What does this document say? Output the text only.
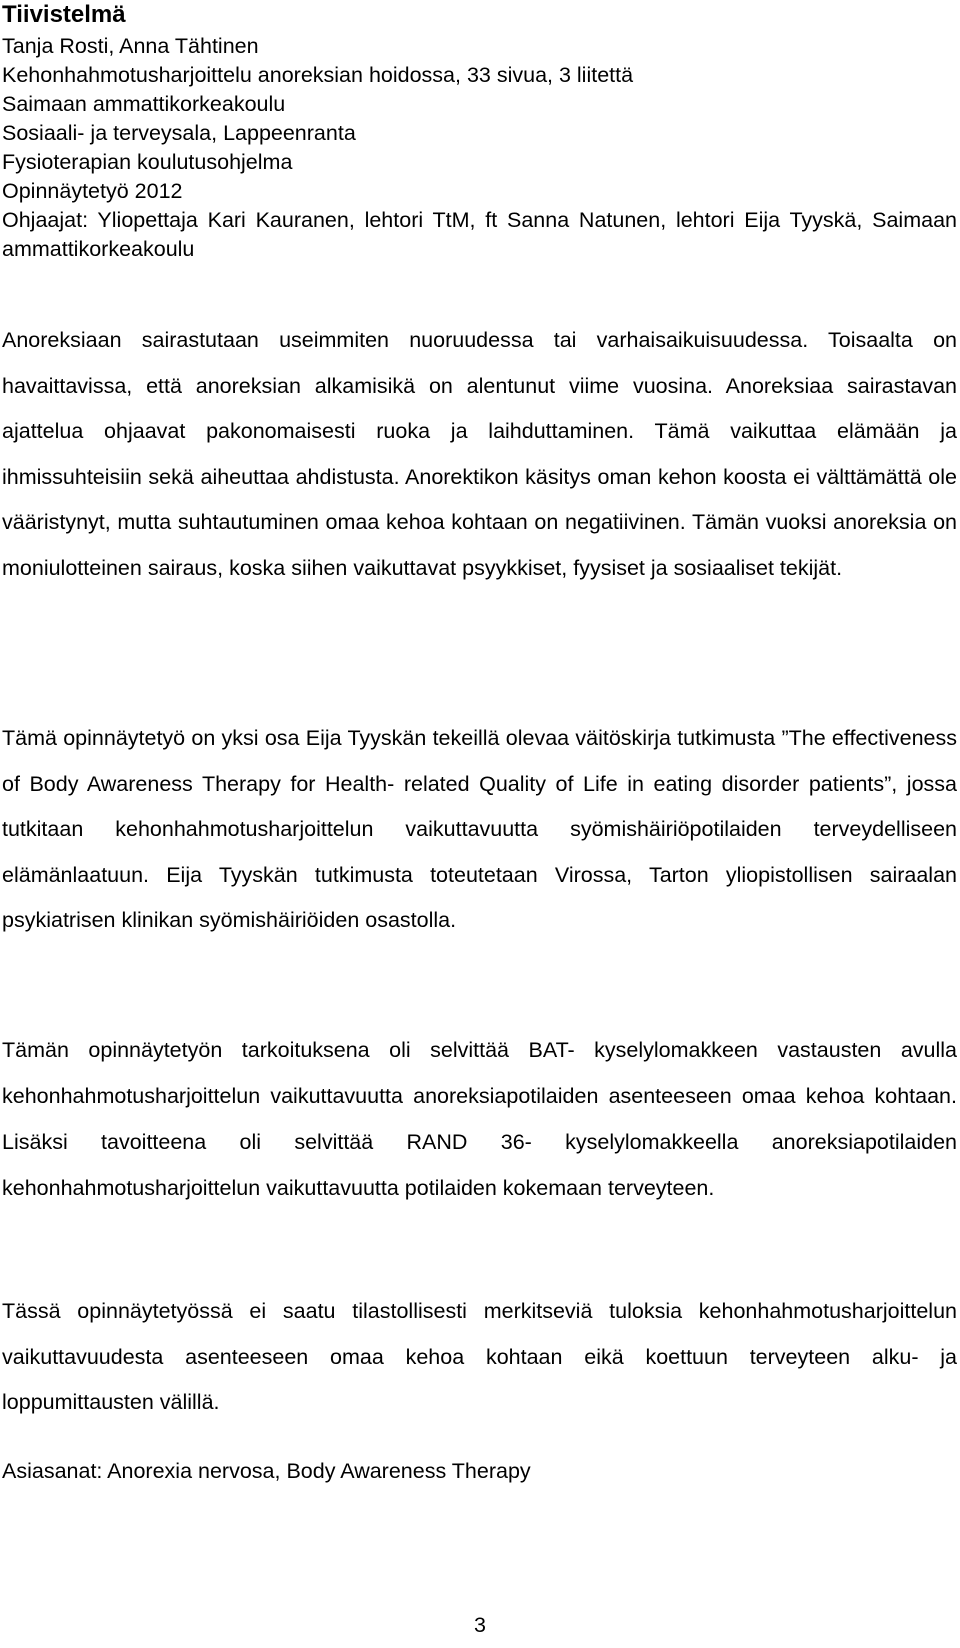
Tiivistelmä
Tanja Rosti, Anna Tähtinen
Kehonhahmotusharjoittelu anoreksian hoidossa, 33 sivua, 3 liitettä
Saimaan ammattikorkeakoulu
Sosiaali- ja terveysala, Lappeenranta
Fysioterapian koulutusohjelma
Opinnäytetyö 2012
Ohjaajat: Yliopettaja Kari Kauranen, lehtori TtM, ft Sanna Natunen, lehtori Eija Tyyskä, Saimaan ammattikorkeakoulu

Anoreksiaan sairastutaan useimmiten nuoruudessa tai varhaisaikuisuudessa. Toisaalta on havaittavissa, että anoreksian alkamisikä on alentunut viime vuosina. Anoreksiaa sairastavan ajattelua ohjaavat pakonomaisesti ruoka ja laihduttaminen. Tämä vaikuttaa elämään ja ihmissuhteisiin sekä aiheuttaa ahdistusta. Anorektikon käsitys oman kehon koosta ei välttämättä ole vääristynyt, mutta suhtautuminen omaa kehoa kohtaan on negatiivinen. Tämän vuoksi anoreksia on moniulotteinen sairaus, koska siihen vaikuttavat psyykkiset, fyysiset ja sosiaaliset tekijät.

Tämä opinnäytetyö on yksi osa Eija Tyyskän tekeillä olevaa väitöskirja tutkimusta ”The effectiveness of Body Awareness Therapy for Health- related Quality of Life in eating disorder patients”, jossa tutkitaan kehonhahmotusharjoittelun vaikuttavuutta syömishäiriöpotilaiden terveydelliseen elämänlaatuun. Eija Tyyskän tutkimusta toteutetaan Virossa, Tarton yliopistollisen sairaalan psykiatrisen klinikan syömishäiriöiden osastolla.

Tämän opinnäytetyön tarkoituksena oli selvittää BAT- kyselylomakkeen vastausten avulla kehonhahmotusharjoittelun vaikuttavuutta anoreksiapotilaiden asenteeseen omaa kehoa kohtaan. Lisäksi tavoitteena oli selvittää RAND 36- kyselylomakkeella anoreksiapotilaiden kehonhahmotusharjoittelun vaikuttavuutta potilaiden kokemaan terveyteen.

Tässä opinnäytetyössä ei saatu tilastollisesti merkitseviä tuloksia kehonhahmotusharjoittelun vaikuttavuudesta asenteeseen omaa kehoa kohtaan eikä koettuun terveyteen alku- ja loppumittausten välillä.

Asiasanat: Anorexia nervosa, Body Awareness Therapy

3
